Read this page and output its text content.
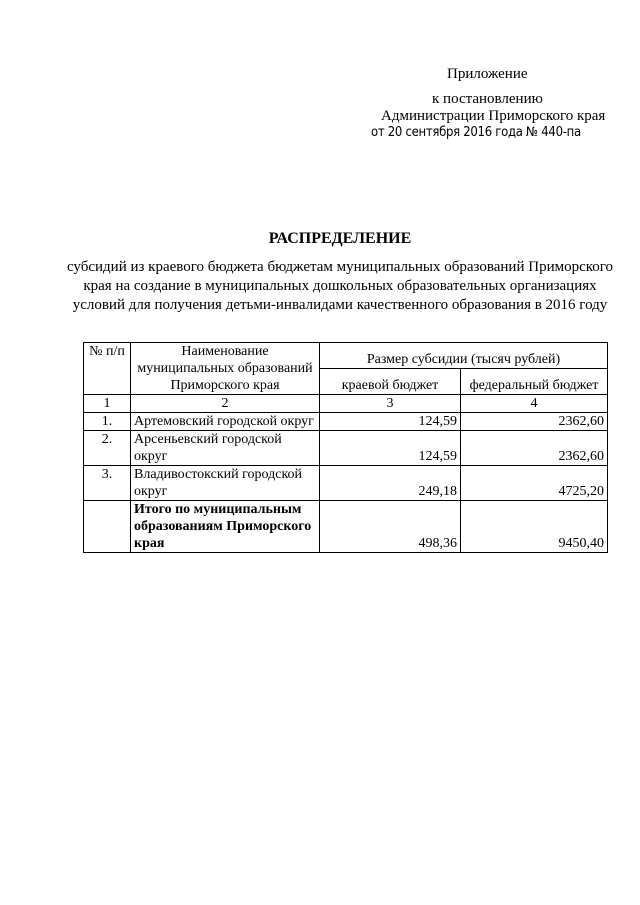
Приложение
к постановлению
Администрации Приморского края
от 20 сентября 2016 года № 440-па
РАСПРЕДЕЛЕНИЕ
субсидий из краевого бюджета бюджетам муниципальных образований Приморского края на создание в муниципальных дошкольных образовательных организациях условий для получения детьми-инвалидами качественного образования в 2016 году
№ п/п	Наименование муниципальных образований Приморского края	Размер субсидии (тысяч рублей)	
		краевой бюджет	федеральный бюджет
1	2	3	4
1.	Артемовский городской округ	124,59	2362,60
2.	Арсеньевский городской округ	124,59	2362,60
3.	Владивостокский городской округ	249,18	4725,20
	Итого по муниципальным образованиям Приморского края	498,36	9450,40
